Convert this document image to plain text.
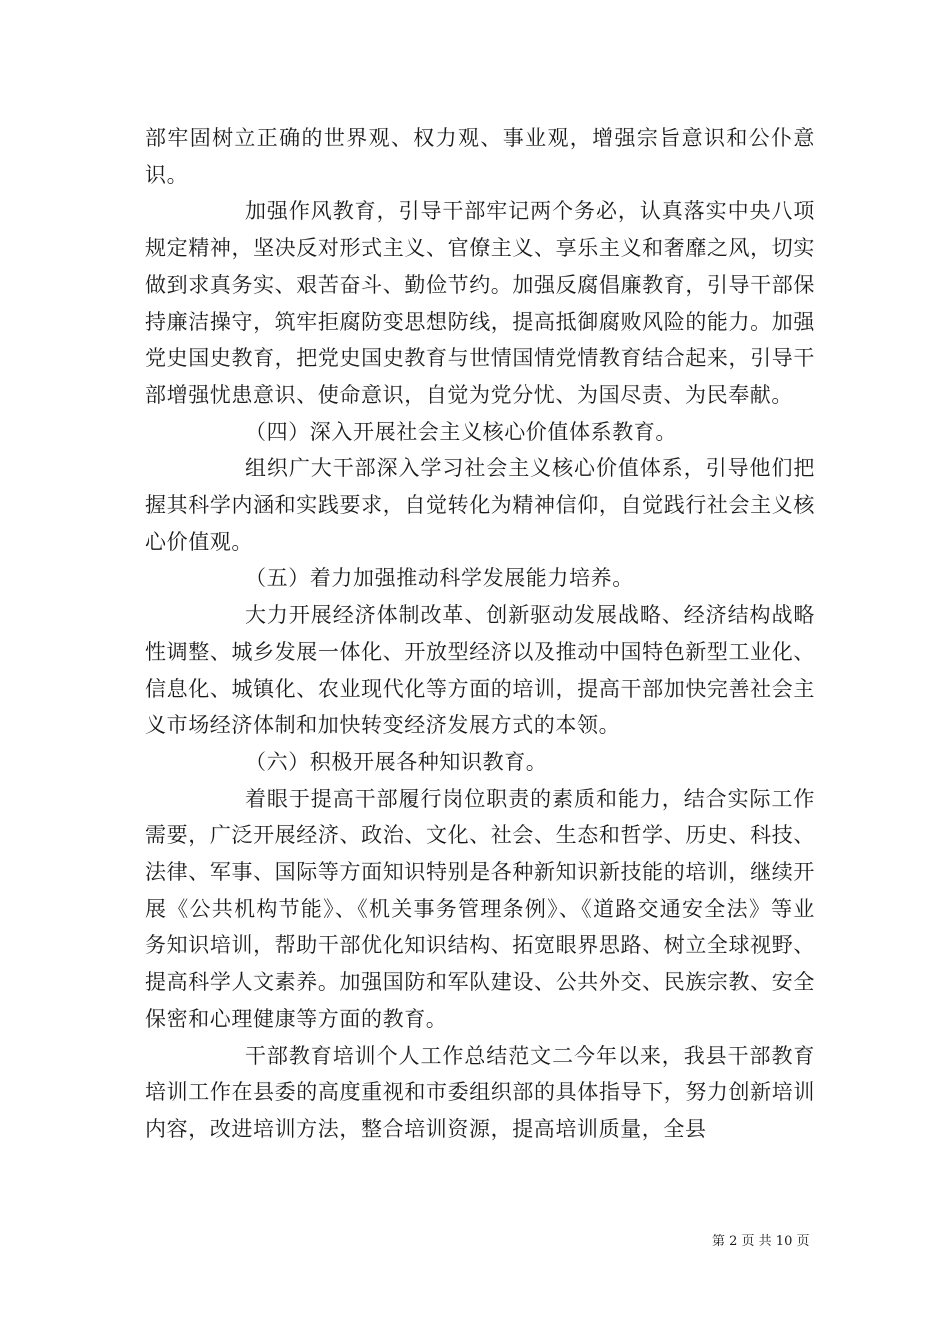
部牢固树立正确的世界观、权力观、事业观，增强宗旨意识和公仆意识。

加强作风教育，引导干部牢记两个务必，认真落实中央八项规定精神，坚决反对形式主义、官僚主义、享乐主义和奢靡之风，切实做到求真务实、艰苦奋斗、勤俭节约。加强反腐倡廉教育，引导干部保持廉洁操守，筑牢拒腐防变思想防线，提高抵御腐败风险的能力。加强党史国史教育，把党史国史教育与世情国情党情教育结合起来，引导干部增强忧患意识、使命意识，自觉为党分忧、为国尽责、为民奉献。

（四）深入开展社会主义核心价值体系教育。

组织广大干部深入学习社会主义核心价值体系，引导他们把握其科学内涵和实践要求，自觉转化为精神信仰，自觉践行社会主义核心价值观。

（五）着力加强推动科学发展能力培养。

大力开展经济体制改革、创新驱动发展战略、经济结构战略性调整、城乡发展一体化、开放型经济以及推动中国特色新型工业化、信息化、城镇化、农业现代化等方面的培训，提高干部加快完善社会主义市场经济体制和加快转变经济发展方式的本领。

（六）积极开展各种知识教育。

着眼于提高干部履行岗位职责的素质和能力，结合实际工作需要，广泛开展经济、政治、文化、社会、生态和哲学、历史、科技、法律、军事、国际等方面知识特别是各种新知识新技能的培训，继续开展《公共机构节能》、《机关事务管理条例》、《道路交通安全法》等业务知识培训，帮助干部优化知识结构、拓宽眼界思路、树立全球视野、提高科学人文素养。加强国防和军队建设、公共外交、民族宗教、安全保密和心理健康等方面的教育。

干部教育培训个人工作总结范文二今年以来，我县干部教育培训工作在县委的高度重视和市委组织部的具体指导下，努力创新培训内容，改进培训方法，整合培训资源，提高培训质量，全县

第 2 页 共 10 页
